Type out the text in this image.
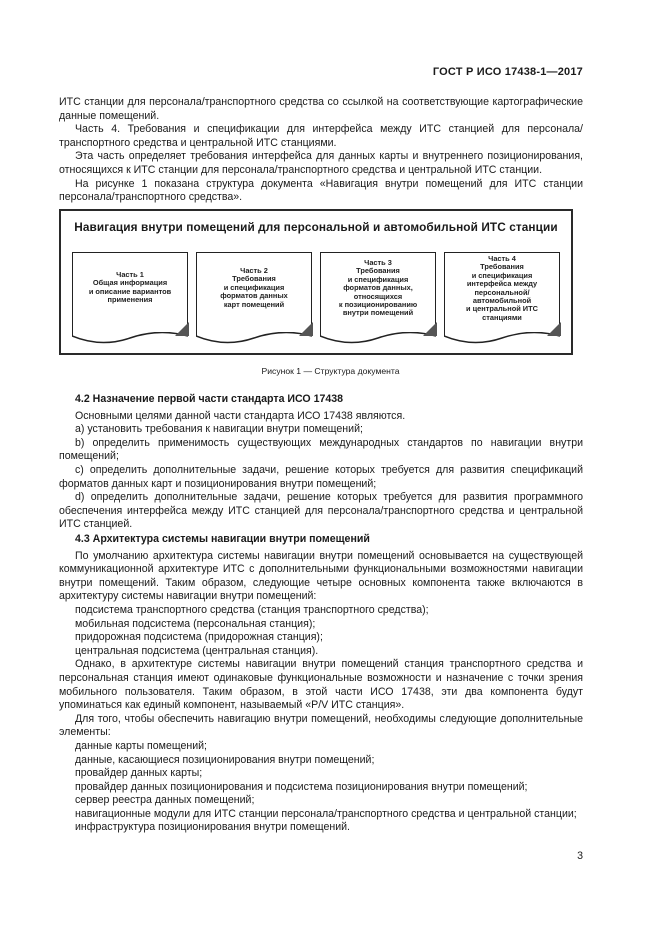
ГОСТ Р ИСО 17438-1—2017
ИТС станции для персонала/транспортного средства со ссылкой на соответствующие картографические данные помещений.
Часть 4. Требования и спецификации для интерфейса между ИТС станцией для персонала/транспортного средства и центральной ИТС станциями.
Эта часть определяет требования интерфейса для данных карты и внутреннего позиционирования, относящихся к ИТС станции для персонала/транспортного средства и центральной ИТС станции.
На рисунке 1 показана структура документа «Навигация внутри помещений для ИТС станции персонала/транспортного средства».
Навигация внутри помещений для персональной и автомобильной ИТС станции
Часть 1
Общая информация
и описание вариантов
применения
Часть 2
Требования
и спецификация
форматов данных
карт помещений
Часть 3
Требования
и спецификация
форматов данных,
относящихся
к позиционированию
внутри помещений
Часть 4
Требования
и спецификация
интерфейса между
персональной/
автомобильной
и центральной ИТС
станциями
Рисунок 1 — Структура документа
4.2 Назначение первой части стандарта ИСО 17438
Основными целями данной части стандарта ИСО 17438 являются.
a) установить требования к навигации внутри помещений;
b) определить применимость существующих международных стандартов по навигации внутри помещений;
c) определить дополнительные задачи, решение которых требуется для развития спецификаций форматов данных карт и позиционирования внутри помещений;
d) определить дополнительные задачи, решение которых требуется для развития программного обеспечения интерфейса между ИТС станцией для персонала/транспортного средства и центральной ИТС станцией.
4.3 Архитектура системы навигации внутри помещений
По умолчанию архитектура системы навигации внутри помещений основывается на существующей коммуникационной архитектуре ИТС с дополнительными функциональными возможностями навигации внутри помещений. Таким образом, следующие четыре основных компонента также включаются в архитектуру системы навигации внутри помещений:
подсистема транспортного средства (станция транспортного средства);
мобильная подсистема (персональная станция);
придорожная подсистема (придорожная станция);
центральная подсистема (центральная станция).
Однако, в архитектуре системы навигации внутри помещений станция транспортного средства и персональная станция имеют одинаковые функциональные возможности и назначение с точки зрения мобильного пользователя. Таким образом, в этой части ИСО 17438, эти два компонента будут упоминаться как единый компонент, называемый «P/V ИТС станция».
Для того, чтобы обеспечить навигацию внутри помещений, необходимы следующие дополнительные элементы:
данные карты помещений;
данные, касающиеся позиционирования внутри помещений;
провайдер данных карты;
провайдер данных позиционирования и подсистема позиционирования внутри помещений;
сервер реестра данных помещений;
навигационные модули для ИТС станции персонала/транспортного средства и центральной станции;
инфраструктура позиционирования внутри помещений.
3
